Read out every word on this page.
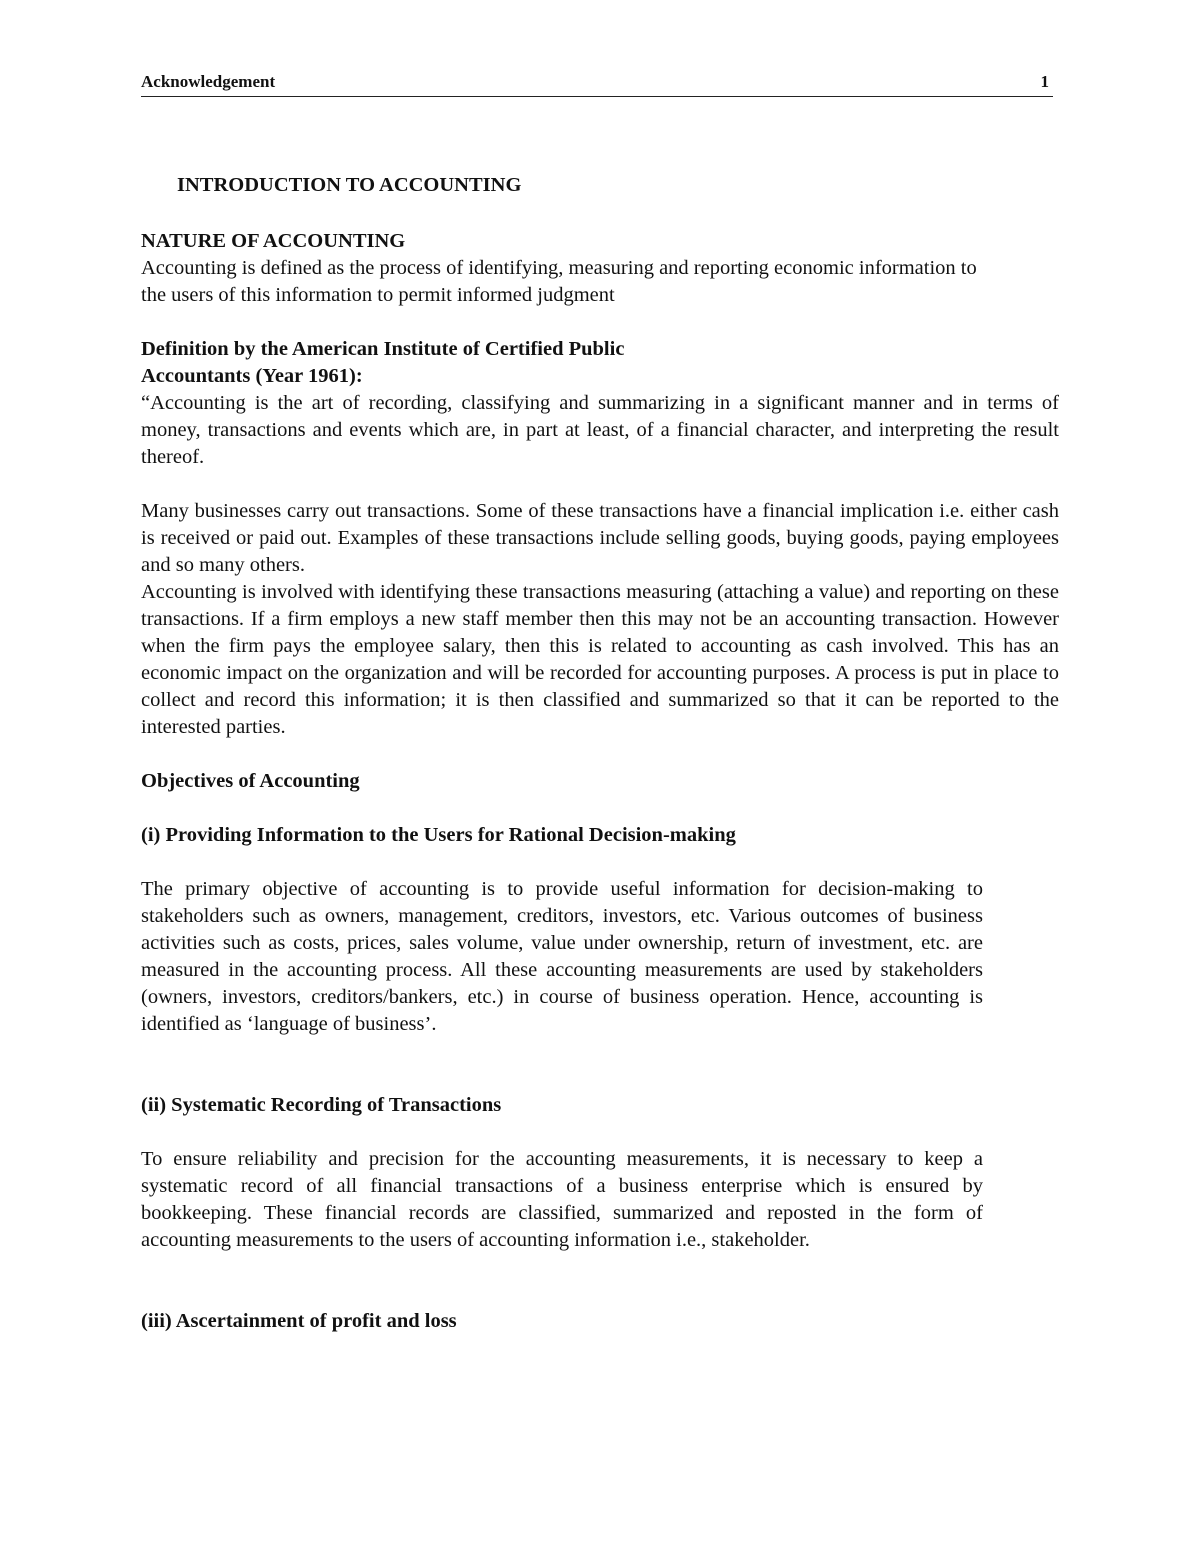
Acknowledgement	1

INTRODUCTION TO ACCOUNTING

NATURE OF ACCOUNTING

Accounting is defined as the process of identifying, measuring and reporting economic information to the users of this information to permit informed judgment

Definition by the American Institute of Certified Public

Accountants (Year 1961):

“Accounting is the art of recording, classifying and summarizing in a significant manner and in terms of money, transactions and events which are, in part at least, of a financial character, and interpreting the result thereof.

Many businesses carry out transactions. Some of these transactions have a financial implication i.e. either cash is received or paid out. Examples of these transactions include selling goods, buying goods, paying employees and so many others.

Accounting is involved with identifying these transactions measuring (attaching a value) and reporting on these transactions. If a firm employs a new staff member then this may not be an accounting transaction. However when the firm pays the employee salary, then this is related to accounting as cash involved. This has an economic impact on the organization and will be recorded for accounting purposes. A process is put in place to collect and record this information; it is then classified and summarized so that it can be reported to the interested parties.

Objectives of Accounting

(i) Providing Information to the Users for Rational Decision-making

The primary objective of accounting is to provide useful information for decision-making to stakeholders such as owners, management, creditors, investors, etc. Various outcomes of business activities such as costs, prices, sales volume, value under ownership, return of investment, etc. are measured in the accounting process. All these accounting measurements are used by stakeholders (owners, investors, creditors/bankers, etc.) in course of business operation. Hence, accounting is identified as ‘language of business’.

(ii) Systematic Recording of Transactions

To ensure reliability and precision for the accounting measurements, it is necessary to keep a systematic record of all financial transactions of a business enterprise which is ensured by bookkeeping. These financial records are classified, summarized and reposted in the form of accounting measurements to the users of accounting information i.e., stakeholder.

(iii) Ascertainment of profit and loss
